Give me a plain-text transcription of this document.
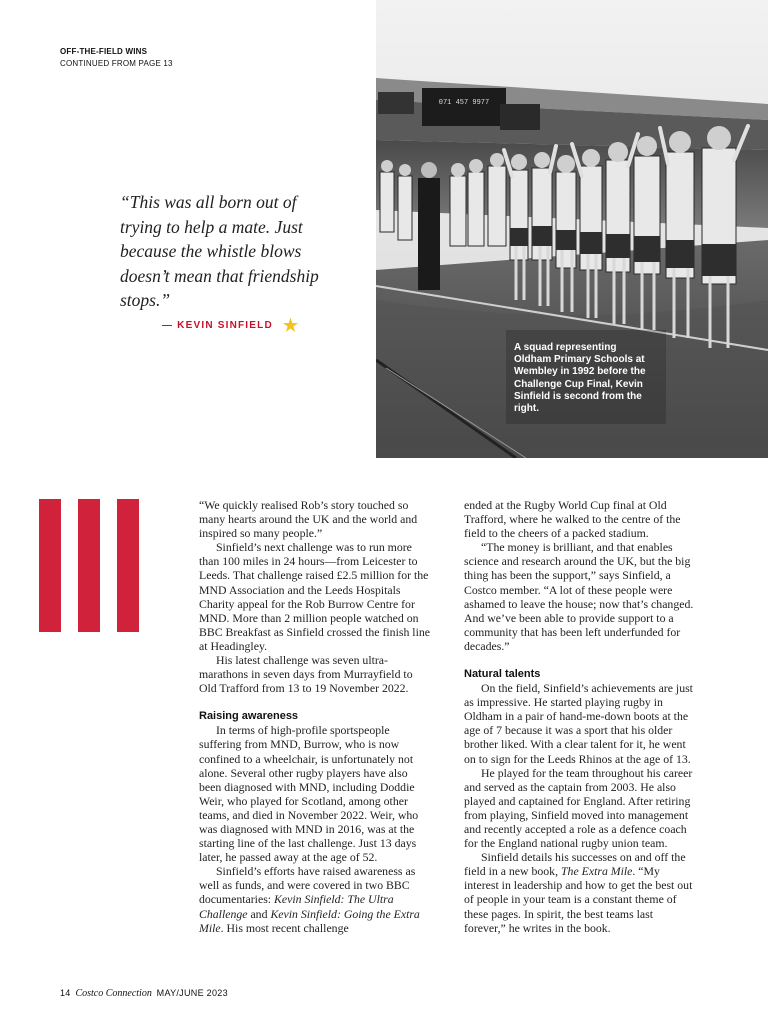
OFF-THE-FIELD WINS
CONTINUED FROM PAGE 13
“This was all born out of trying to help a mate. Just because the whistle blows doesn’t mean that friendship stops.”
— KEVIN SINFIELD ★
071 457 9977
A squad representing Oldham Primary Schools at Wembley in 1992 before the Challenge Cup Final, Kevin Sinfield is second from the right.

“We quickly realised Rob’s story touched so many hearts around the UK and the world and inspired so many people.”

Sinfield’s next challenge was to run more than 100 miles in 24 hours—from Leicester to Leeds. That challenge raised £2.5 million for the MND Association and the Leeds Hospitals Charity appeal for the Rob Burrow Centre for MND. More than 2 million people watched on BBC Breakfast as Sinfield crossed the finish line at Headingley.

His latest challenge was seven ultra-marathons in seven days from Murrayfield to Old Trafford from 13 to 19 November 2022.

Raising awareness

In terms of high-profile sportspeople suffering from MND, Burrow, who is now confined to a wheelchair, is unfortunately not alone. Several other rugby players have also been diagnosed with MND, including Doddie Weir, who played for Scotland, among other teams, and died in November 2022. Weir, who was diagnosed with MND in 2016, was at the starting line of the last challenge. Just 13 days later, he passed away at the age of 52.

Sinfield’s efforts have raised awareness as well as funds, and were covered in two BBC documentaries: Kevin Sinfield: The Ultra Challenge and Kevin Sinfield: Going the Extra Mile. His most recent challenge

ended at the Rugby World Cup final at Old Trafford, where he walked to the centre of the field to the cheers of a packed stadium.

“The money is brilliant, and that enables science and research around the UK, but the big thing has been the support,” says Sinfield, a Costco member. “A lot of these people were ashamed to leave the house; now that’s changed. And we’ve been able to provide support to a community that has been left underfunded for decades.”

Natural talents

On the field, Sinfield’s achievements are just as impressive. He started playing rugby in Oldham in a pair of hand-me-down boots at the age of 7 because it was a sport that his older brother liked. With a clear talent for it, he went on to sign for the Leeds Rhinos at the age of 13.

He played for the team throughout his career and served as the captain from 2003. He also played and captained for England. After retiring from playing, Sinfield moved into management and recently accepted a role as a defence coach for the England national rugby union team.

Sinfield details his successes on and off the field in a new book, The Extra Mile. “My interest in leadership and how to get the best out of people in your team is a constant theme of these pages. In spirit, the best teams last forever,” he writes in the book.

14 Costco Connection MAY/JUNE 2023
